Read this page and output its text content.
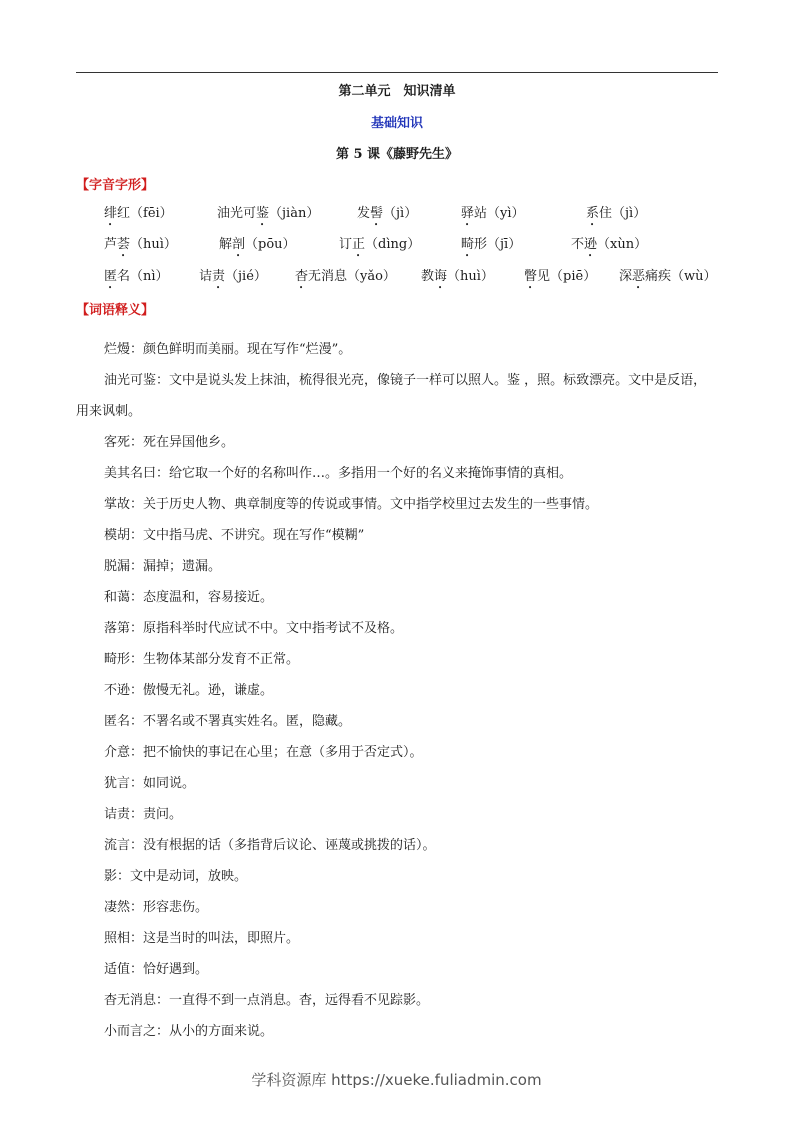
第二单元　知识清单
基础知识
第 5 课《藤野先生》
【字音字形】
绯红（fēi）	油光可鉴（jiàn）	发髻（jì）	驿站（yì）	系住（jì）
芦荟（huì）	解剖（pōu）	订正（dìng）	畸形（jī）	不逊（xùn）
匿名（nì） 诘责（jié） 杳无消息（yǎo） 教诲（huì） 瞥见（piē） 深恶痛疾（wù）
【词语释义】
烂熳：颜色鲜明而美丽。现在写作“烂漫”。
油光可鉴：文中是说头发上抹油，梳得很光亮，像镜子一样可以照人。鉴 ，照。标致漂亮。文中是反语，用来讽刺。
客死：死在异国他乡。
美其名曰：给它取一个好的名称叫作…。多指用一个好的名义来掩饰事情的真相。
掌故：关于历史人物、典章制度等的传说或事情。文中指学校里过去发生的一些事情。
模胡：文中指马虎、不讲究。现在写作“模糊”
脱漏：漏掉；遗漏。
和蔼：态度温和，容易接近。
落第：原指科举时代应试不中。文中指考试不及格。
畸形：生物体某部分发育不正常。
不逊：傲慢无礼。逊，谦虚。
匿名：不署名或不署真实姓名。匿，隐藏。
介意：把不愉快的事记在心里；在意（多用于否定式）。
犹言：如同说。
诘责：责问。
流言：没有根据的话（多指背后议论、诬蔑或挑拨的话）。
影：文中是动词，放映。
凄然：形容悲伤。
照相：这是当时的叫法，即照片。
适值：恰好遇到。
杳无消息：一直得不到一点消息。杳，远得看不见踪影。
小而言之：从小的方面来说。
学科资源库 https://xueke.fuliadmin.com
